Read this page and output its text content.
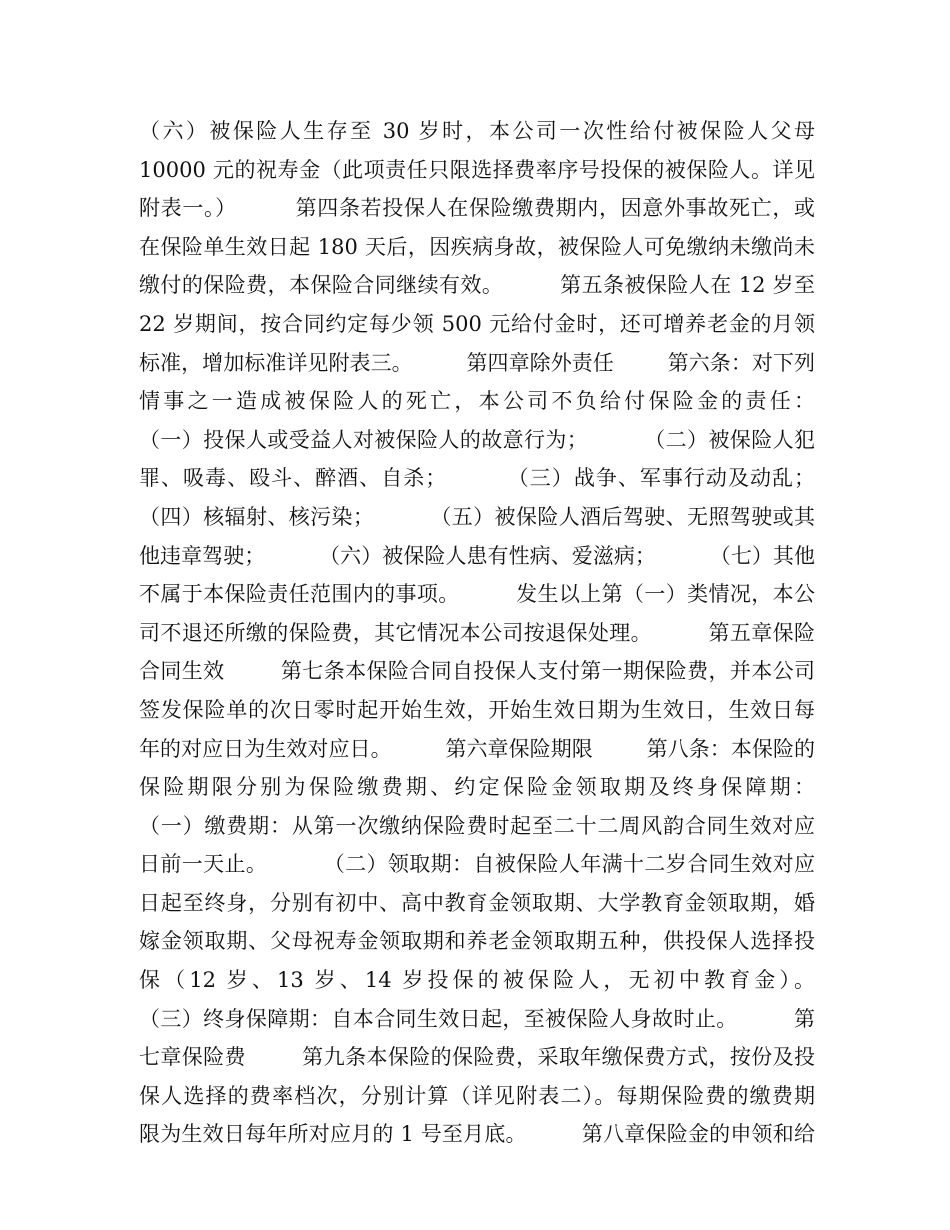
（六）被保险人生存至 30 岁时，本公司一次性给付被保险人父母
10000 元的祝寿金（此项责任只限选择费率序号投保的被保险人。详见
附表一。）        第四条若投保人在保险缴费期内，因意外事故死亡，或
在保险单生效日起 180 天后，因疾病身故，被保险人可免缴纳未缴尚未
缴付的保险费，本保险合同继续有效。        第五条被保险人在 12 岁至
22 岁期间，按合同约定每少领 500 元给付金时，还可增养老金的月领
标准，增加标准详见附表三。        第四章除外责任        第六条：对下列
情事之一造成被保险人的死亡，本公司不负给付保险金的责任：
（一）投保人或受益人对被保险人的故意行为；        （二）被保险人犯
罪、吸毒、殴斗、醉酒、自杀；        （三）战争、军事行动及动乱；
（四）核辐射、核污染；        （五）被保险人酒后驾驶、无照驾驶或其
他违章驾驶；        （六）被保险人患有性病、爱滋病；        （七）其他
不属于本保险责任范围内的事项。        发生以上第（一）类情况，本公
司不退还所缴的保险费，其它情况本公司按退保处理。        第五章保险
合同生效        第七条本保险合同自投保人支付第一期保险费，并本公司
签发保险单的次日零时起开始生效，开始生效日期为生效日，生效日每
年的对应日为生效对应日。        第六章保险期限        第八条：本保险的
保险期限分别为保险缴费期、约定保险金领取期及终身保障期：
（一）缴费期：从第一次缴纳保险费时起至二十二周风韵合同生效对应
日前一天止。        （二）领取期：自被保险人年满十二岁合同生效对应
日起至终身，分别有初中、高中教育金领取期、大学教育金领取期，婚
嫁金领取期、父母祝寿金领取期和养老金领取期五种，供投保人选择投
保（12 岁、13 岁、14 岁投保的被保险人，无初中教育金）。
（三）终身保障期：自本合同生效日起，至被保险人身故时止。        第
七章保险费        第九条本保险的保险费，采取年缴保费方式，按份及投
保人选择的费率档次，分别计算（详见附表二）。每期保险费的缴费期
限为生效日每年所对应月的 1 号至月底。        第八章保险金的申领和给
